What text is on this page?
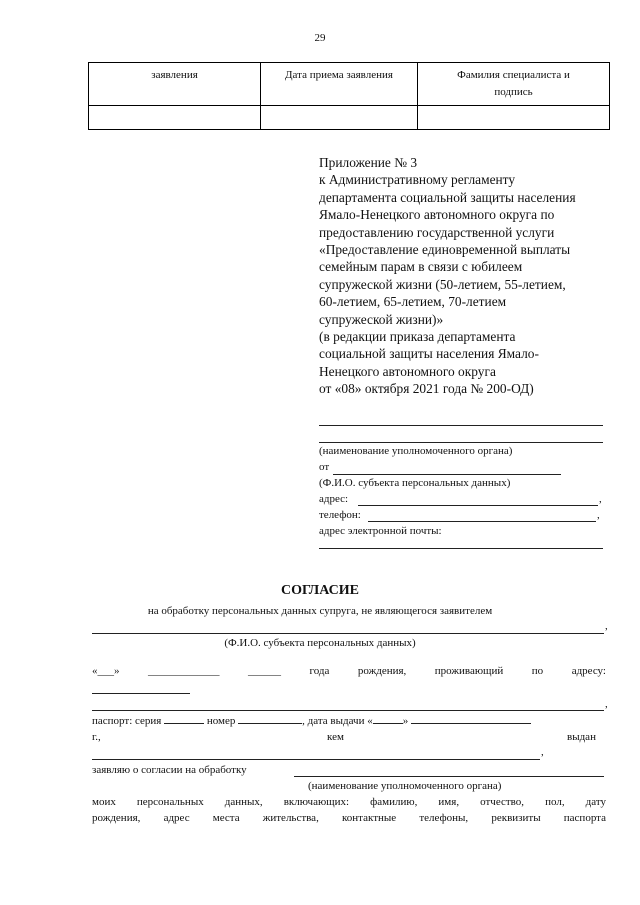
29
заявления	Дата приема заявления	Фамилия специалиста и подпись

Приложение № 3
к Административному регламенту
департамента социальной защиты населения
Ямало-Ненецкого автономного округа по
предоставлению государственной услуги
«Предоставление единовременной выплаты
семейным парам в связи с юбилеем
супружеской жизни (50-летием, 55-летием,
60-летием, 65-летием, 70-летием
супружеской жизни)»
(в редакции приказа департамента
социальной защиты населения Ямало-
Ненецкого автономного округа
от «08» октября 2021 года № 200-ОД)
(наименование уполномоченного органа)
от
(Ф.И.О. субъекта персональных данных)
адрес:	,
телефон:	,
адрес электронной почты:
СОГЛАСИЕ
на обработку персональных данных супруга, не являющегося заявителем
,
(Ф.И.О. субъекта персональных данных)
«___»	_____________	______	года	рождения,	проживающий	по	адресу:
,
паспорт: серия	номер	, дата выдачи «	»
г.,	кем	выдан
,
заявляю о согласии на обработку
(наименование уполномоченного органа)
моих персональных данных, включающих: фамилию, имя, отчество, пол, дату
рождения, адрес места жительства, контактные телефоны, реквизиты паспорта
